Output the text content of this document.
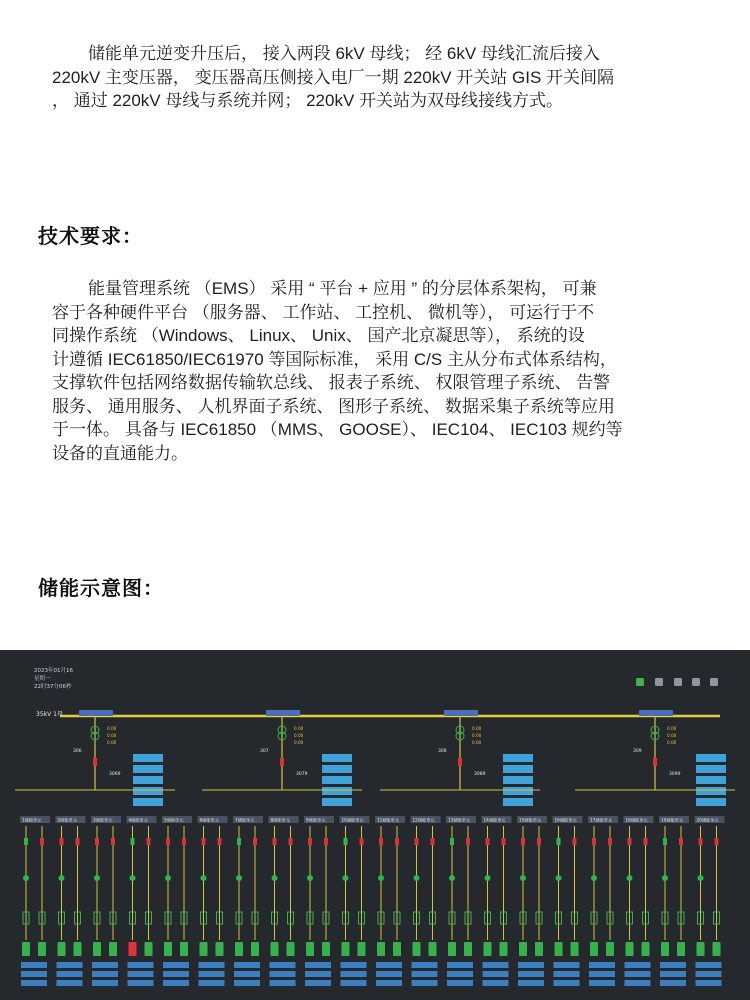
储能单元逆变升压后， 接入两段 6kV 母线； 经 6kV 母线汇流后接入
220kV 主变压器， 变压器高压侧接入电厂一期 220kV 开关站 GIS 开关间隔
， 通过 220kV 母线与系统并网； 220kV 开关站为双母线接线方式。
技术要求：
能量管理系统 （EMS） 采用 “ 平台 + 应用 ” 的分层体系架构， 可兼
容于各种硬件平台 （服务器、 工作站、 工控机、 微机等）， 可运行于不
同操作系统 （Windows、 Linux、 Unix、 国产北京凝思等）， 系统的设
计遵循 IEC61850/IEC61970 等国际标准， 采用 C/S 主从分布式体系结构，
支撑软件包括网络数据传输软总线、 报表子系统、 权限管理子系统、 告警
服务、 通用服务、 人机界面子系统、 图形子系统、 数据采集子系统等应用
于一体。 具备与 IEC61850 （MMS、 GOOSE）、 IEC104、 IEC103 规约等
设备的直通能力。
储能示意图：
2023年01月16
星期一
22时37分06秒
35kV 1母
306
3069
0.00
0.00
0.00
307
3079
0.00
0.00
0.00
308
3089
0.00
0.00
0.00
309
3099
0.00
0.00
0.00
1储能单元	2储能单元	3储能单元	4储能单元	5储能单元	6储能单元	7储能单元	8储能单元	9储能单元	10储能单元	11储能单元	12储能单元	13储能单元	14储能单元	15储能单元	16储能单元	17储能单元	18储能单元	19储能单元	20储能单元
